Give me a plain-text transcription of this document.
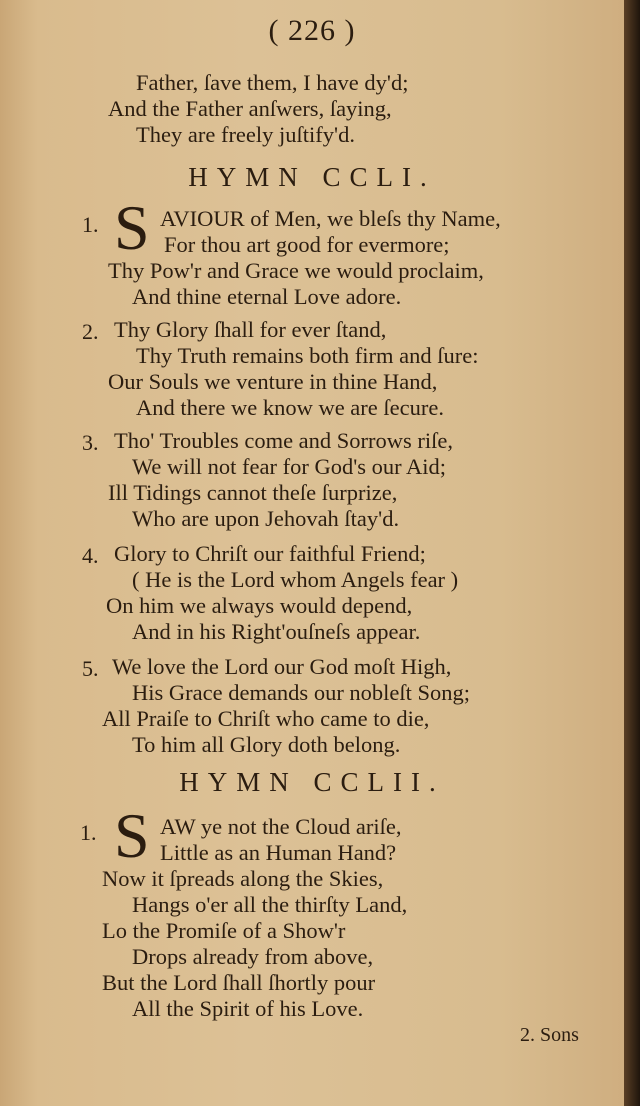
( 226 )
Father, ſave them, I have dy'd;
And the Father anſwers, ſaying,
They are freely juſtify'd.
HYMN CCLI.
1. S AVIOUR of Men, we bleſs thy Name,
For thou art good for evermore;
Thy Pow'r and Grace we would proclaim,
And thine eternal Love adore.
2. Thy Glory ſhall for ever ſtand,
Thy Truth remains both firm and ſure:
Our Souls we venture in thine Hand,
And there we know we are ſecure.
3. Tho' Troubles come and Sorrows riſe,
We will not fear for God's our Aid;
Ill Tidings cannot theſe ſurprize,
Who are upon Jehovah ſtay'd.
4. Glory to Chriſt our faithful Friend;
( He is the Lord whom Angels fear )
On him we always would depend,
And in his Right'ouſneſs appear.
5. We love the Lord our God moſt High,
His Grace demands our nobleſt Song;
All Praiſe to Chriſt who came to die,
To him all Glory doth belong.
HYMN CCLII.
1. S AW ye not the Cloud ariſe,
Little as an Human Hand?
Now it ſpreads along the Skies,
Hangs o'er all the thirſty Land,
Lo the Promiſe of a Show'r
Drops already from above,
But the Lord ſhall ſhortly pour
All the Spirit of his Love.
2. Sons
